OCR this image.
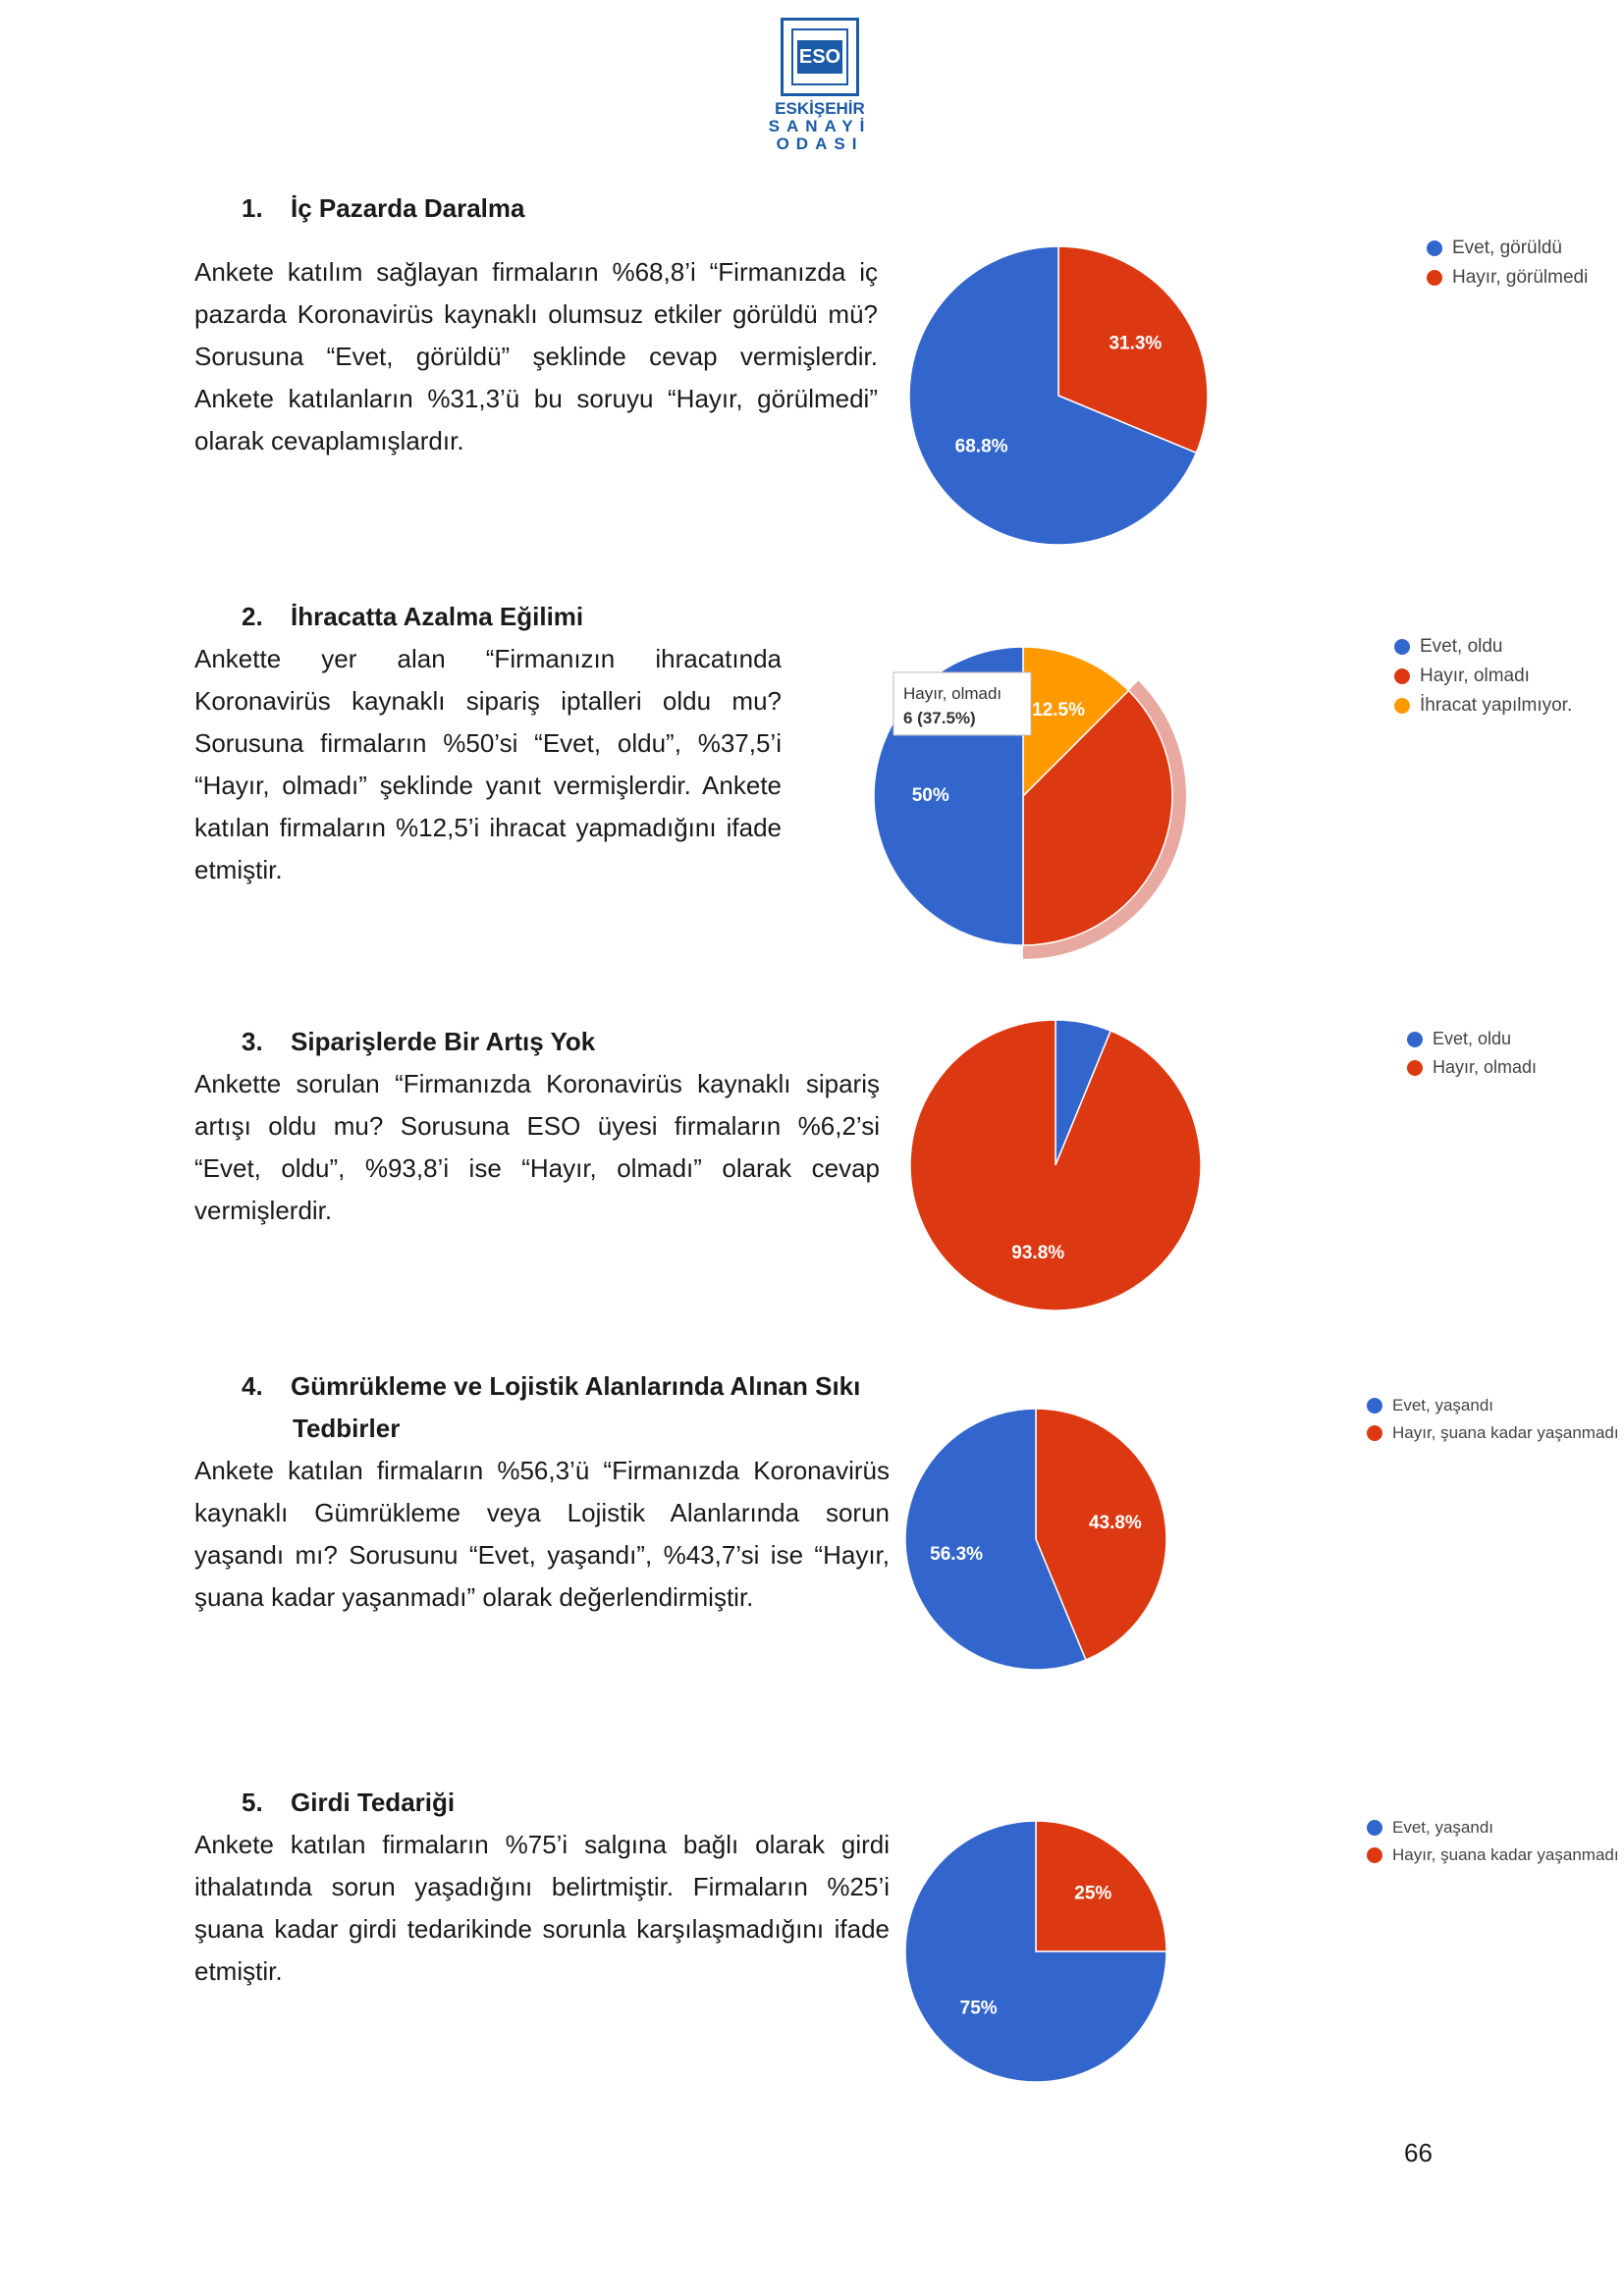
ESO
ESKİŞEHİR
SANAYİ
ODASI

1. İç Pazarda Daralma

Ankete katılım sağlayan firmaların %68,8’i “Firmanızda iç pazarda Koronavirüs kaynaklı olumsuz etkiler görüldü mü? Sorusuna “Evet, görüldü” şeklinde cevap vermişlerdir. Ankete katılanların %31,3’ü bu soruyu “Hayır, görülmedi” olarak cevaplamışlardır.

2. İhracatta Azalma Eğilimi

Ankette yer alan “Firmanızın ihracatında Koronavirüs kaynaklı sipariş iptalleri oldu mu? Sorusuna firmaların %50’si “Evet, oldu”, %37,5’i “Hayır, olmadı” şeklinde yanıt vermişlerdir. Ankete katılan firmaların %12,5’i ihracat yapmadığını ifade etmiştir.

3. Siparişlerde Bir Artış Yok

Ankette sorulan “Firmanızda Koronavirüs kaynaklı sipariş artışı oldu mu? Sorusuna ESO üyesi firmaların %6,2’si “Evet, oldu”, %93,8’i ise “Hayır, olmadı” olarak cevap vermişlerdir.

4. Gümrükleme ve Lojistik Alanlarında Alınan Sıkı Tedbirler

Ankete katılan firmaların %56,3’ü “Firmanızda Koronavirüs kaynaklı Gümrükleme veya Lojistik Alanlarında sorun yaşandı mı? Sorusunu “Evet, yaşandı”, %43,7’si ise “Hayır, şuana kadar yaşanmadı” olarak değerlendirmiştir.

5. Girdi Tedariği

Ankete katılan firmaların %75’i salgına bağlı olarak girdi ithalatında sorun yaşadığını belirtmiştir. Firmaların %25’i şuana kadar girdi tedarikinde sorunla karşılaşmadığını ifade etmiştir.

31.3%
68.8%
12.5%
50%
Hayır, olmadı
6 (37.5%)
93.8%
43.8%
56.3%
25%
75%
Evet, görüldü
Hayır, görülmedi
Evet, oldu
Hayır, olmadı
İhracat yapılmıyor.
Evet, oldu
Hayır, olmadı
Evet, yaşandı
Hayır, şuana kadar yaşanmadı
Evet, yaşandı
Hayır, şuana kadar yaşanmadı
66
